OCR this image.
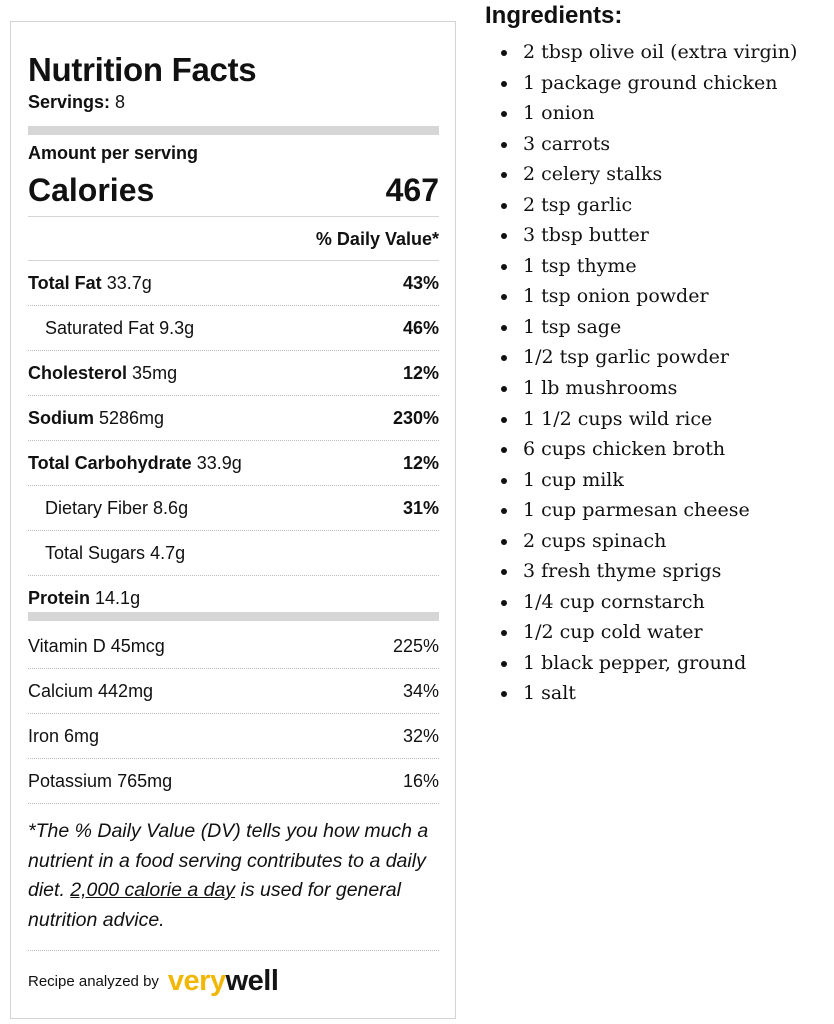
Nutrition Facts
Servings: 8
Amount per serving
Calories	467
% Daily Value*
Total Fat 33.7g	43%
Saturated Fat 9.3g	46%
Cholesterol 35mg	12%
Sodium 5286mg	230%
Total Carbohydrate 33.9g	12%
Dietary Fiber 8.6g	31%
Total Sugars 4.7g
Protein 14.1g
Vitamin D 45mcg	225%
Calcium 442mg	34%
Iron 6mg	32%
Potassium 765mg	16%
*The % Daily Value (DV) tells you how much a nutrient in a food serving contributes to a daily diet. 2,000 calorie a day is used for general nutrition advice.
Recipe analyzed by verywell
Ingredients:
2 tbsp olive oil (extra virgin)
1 package ground chicken
1 onion
3 carrots
2 celery stalks
2 tsp garlic
3 tbsp butter
1 tsp thyme
1 tsp onion powder
1 tsp sage
1/2 tsp garlic powder
1 lb mushrooms
1 1/2 cups wild rice
6 cups chicken broth
1 cup milk
1 cup parmesan cheese
2 cups spinach
3 fresh thyme sprigs
1/4 cup cornstarch
1/2 cup cold water
1 black pepper, ground
1 salt
